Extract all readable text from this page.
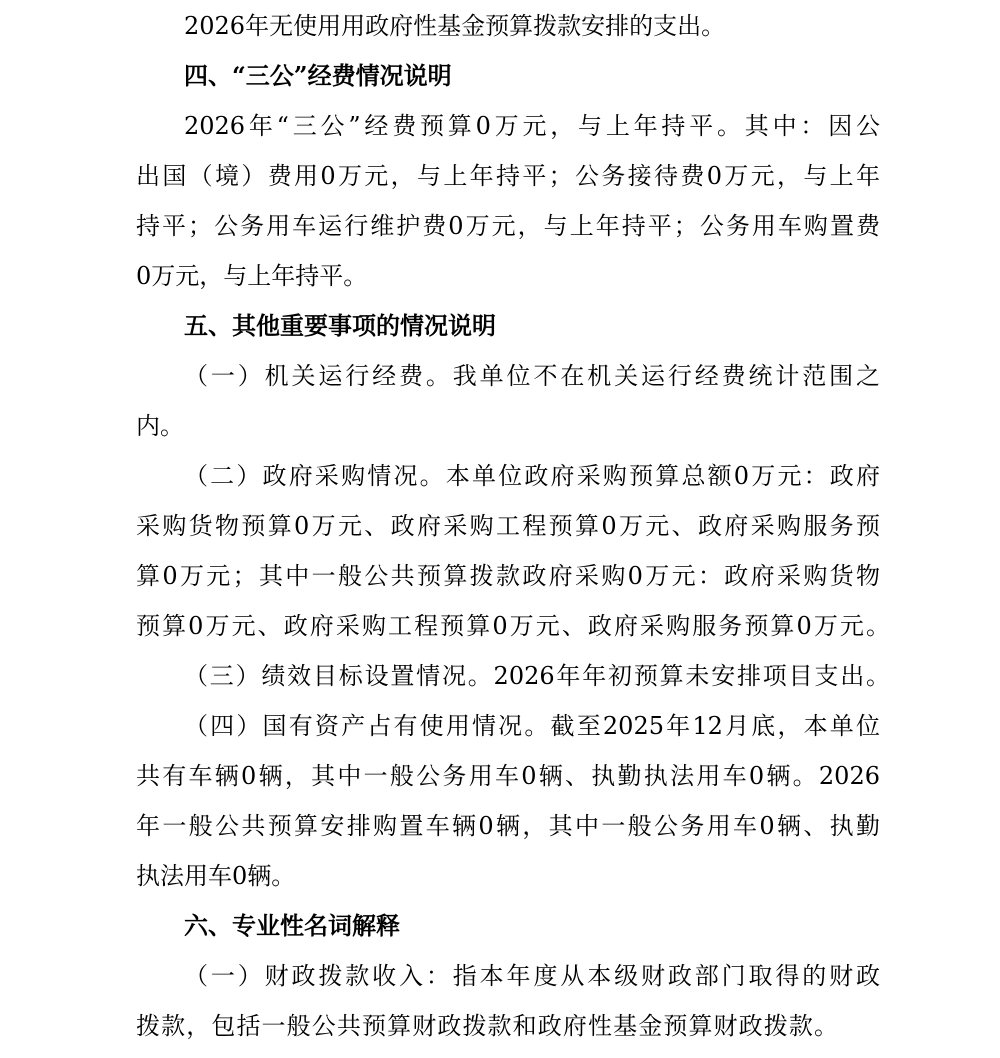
2026年无使用用政府性基金预算拨款安排的支出。
四、“三公”经费情况说明
2026年“三公”经费预算0万元，与上年持平。其中：因公
出国（境）费用0万元，与上年持平；公务接待费0万元，与上年
持平；公务用车运行维护费0万元，与上年持平；公务用车购置费
0万元，与上年持平。
五、其他重要事项的情况说明
（一）机关运行经费。我单位不在机关运行经费统计范围之
内。
（二）政府采购情况。本单位政府采购预算总额0万元：政府
采购货物预算0万元、政府采购工程预算0万元、政府采购服务预
算0万元；其中一般公共预算拨款政府采购0万元：政府采购货物
预算0万元、政府采购工程预算0万元、政府采购服务预算0万元。
（三）绩效目标设置情况。2026年年初预算未安排项目支出。
（四）国有资产占有使用情况。截至2025年12月底，本单位
共有车辆0辆，其中一般公务用车0辆、执勤执法用车0辆。2026
年一般公共预算安排购置车辆0辆，其中一般公务用车0辆、执勤
执法用车0辆。
六、专业性名词解释
（一）财政拨款收入：指本年度从本级财政部门取得的财政
拨款，包括一般公共预算财政拨款和政府性基金预算财政拨款。
